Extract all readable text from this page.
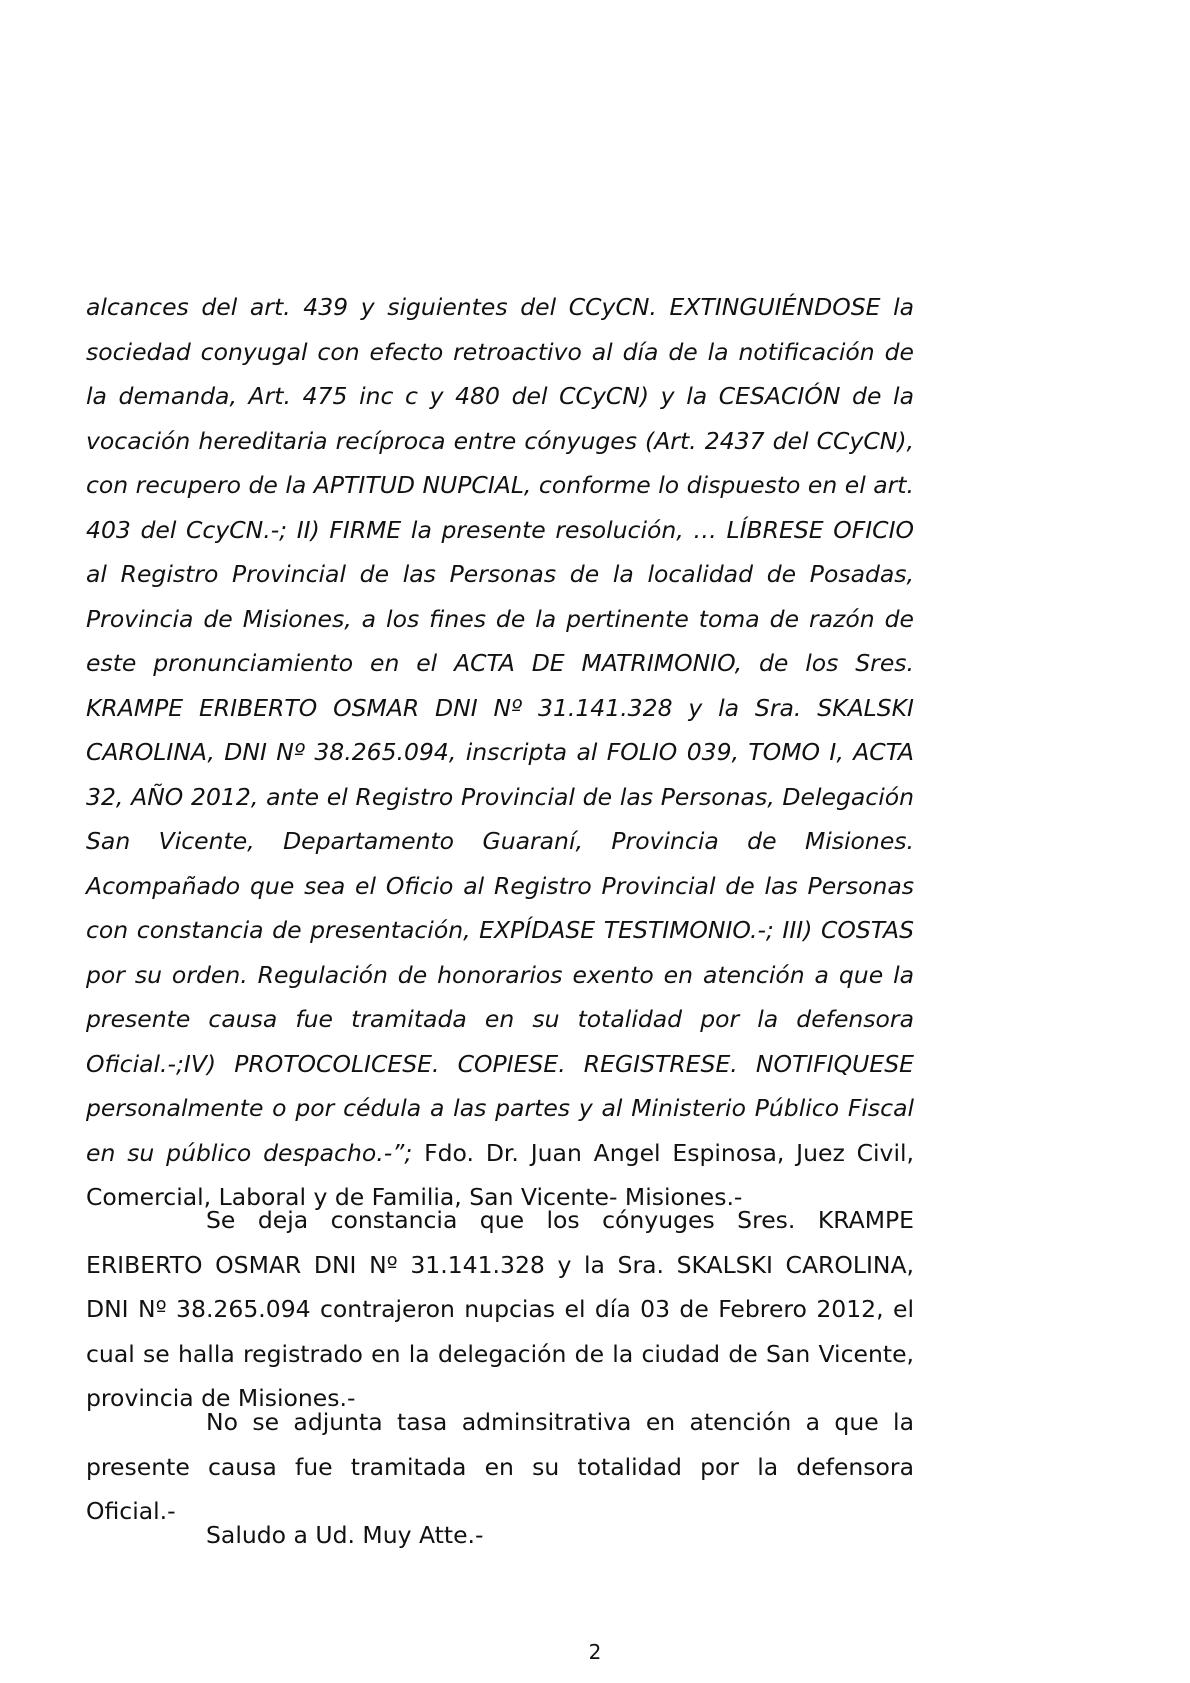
alcances del art. 439 y siguientes del CCyCN. EXTINGUIÉNDOSE la sociedad conyugal con efecto retroactivo al día de la notificación de la demanda, Art. 475 inc c y 480 del CCyCN) y la CESACIÓN de la vocación hereditaria recíproca entre cónyuges (Art. 2437 del CCyCN), con recupero de la APTITUD NUPCIAL, conforme lo dispuesto en el art. 403 del CcyCN.-; II) FIRME la presente resolución, … LÍBRESE OFICIO al Registro Provincial de las Personas de la localidad de Posadas, Provincia de Misiones, a los fines de la pertinente toma de razón de este pronunciamiento en el ACTA DE MATRIMONIO, de los Sres. KRAMPE ERIBERTO OSMAR DNI Nº 31.141.328 y la Sra. SKALSKI CAROLINA, DNI Nº 38.265.094, inscripta al FOLIO 039, TOMO I, ACTA 32, AÑO 2012, ante el Registro Provincial de las Personas, Delegación San Vicente, Departamento Guaraní, Provincia de Misiones. Acompañado que sea el Oficio al Registro Provincial de las Personas con constancia de presentación, EXPÍDASE TESTIMONIO.-; III) COSTAS por su orden. Regulación de honorarios exento en atención a que la presente causa fue tramitada en su totalidad por la defensora Oficial.-;IV) PROTOCOLICESE. COPIESE. REGISTRESE. NOTIFIQUESE personalmente o por cédula a las partes y al Ministerio Público Fiscal en su público despacho.-”; Fdo. Dr. Juan Angel Espinosa, Juez Civil, Comercial, Laboral y de Familia, San Vicente- Misiones.-

Se deja constancia que los cónyuges Sres. KRAMPE ERIBERTO OSMAR DNI Nº 31.141.328 y la Sra. SKALSKI CAROLINA, DNI Nº 38.265.094 contrajeron nupcias el día 03 de Febrero 2012, el cual se halla registrado en la delegación de la ciudad de San Vicente, provincia de Misiones.-

No se adjunta tasa adminsitrativa en atención a que la presente causa fue tramitada en su totalidad por la defensora Oficial.-

Saludo a Ud. Muy Atte.-

2
